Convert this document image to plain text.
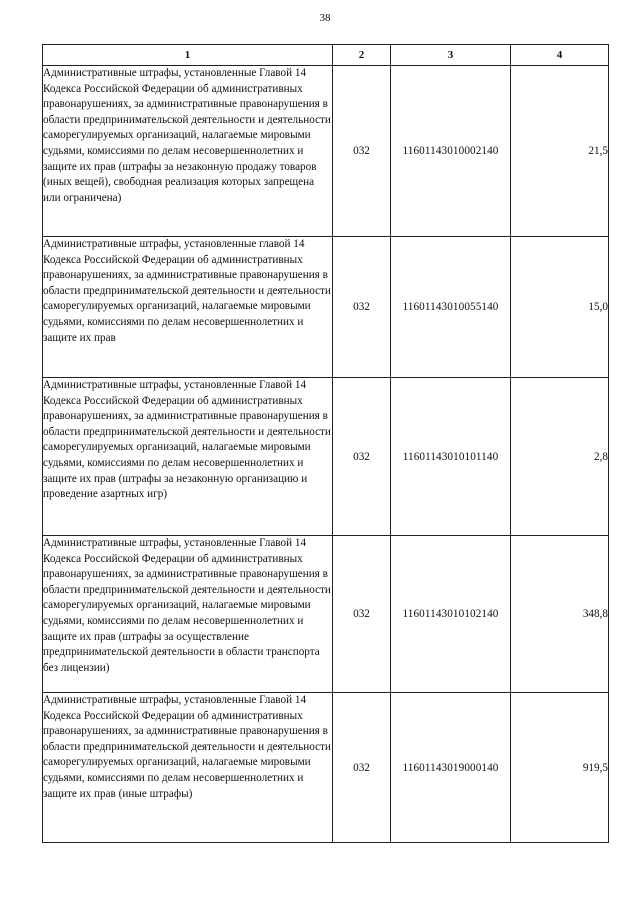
38
1	2	3	4
Административные штрафы, установленные Главой 14 Кодекса Российской Федерации об административных правонарушениях, за административные правонарушения в области предпринимательской деятельности и деятельности саморегулируемых организаций, налагаемые мировыми судьями, комиссиями по делам несовершеннолетних и защите их прав (штрафы за незаконную продажу товаров (иных вещей), свободная реализация которых запрещена или ограничена)	032	11601143010002140	21,5
Административные штрафы, установленные главой 14 Кодекса Российской Федерации об административных правонарушениях, за административные правонарушения в области предпринимательской деятельности и деятельности саморегулируемых организаций, налагаемые мировыми судьями, комиссиями по делам несовершеннолетних и защите их прав	032	11601143010055140	15,0
Административные штрафы, установленные Главой 14 Кодекса Российской Федерации об административных правонарушениях, за административные правонарушения в области предпринимательской деятельности и деятельности саморегулируемых организаций, налагаемые мировыми судьями, комиссиями по делам несовершеннолетних и защите их прав (штрафы за незаконную организацию и проведение азартных игр)	032	11601143010101140	2,8
Административные штрафы, установленные Главой 14 Кодекса Российской Федерации об административных правонарушениях, за административные правонарушения в области предпринимательской деятельности и деятельности саморегулируемых организаций, налагаемые мировыми судьями, комиссиями по делам несовершеннолетних и защите их прав (штрафы за осуществление предпринимательской деятельности в области транспорта без лицензии)	032	11601143010102140	348,8
Административные штрафы, установленные Главой 14 Кодекса Российской Федерации об административных правонарушениях, за административные правонарушения в области предпринимательской деятельности и деятельности саморегулируемых организаций, налагаемые мировыми судьями, комиссиями по делам несовершеннолетних и защите их прав (иные штрафы)	032	11601143019000140	919,5
